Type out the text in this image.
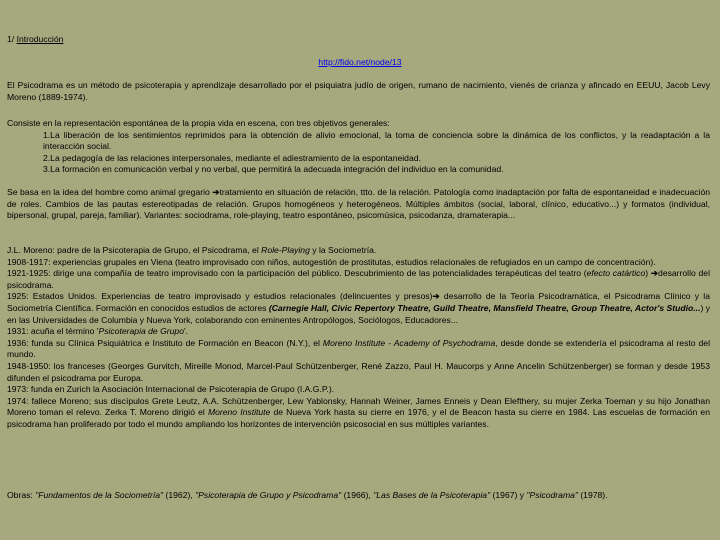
1/ Introducción
http://fido.net/node/13
El Psicodrama es un método de psicoterapia y aprendizaje desarrollado por el psiquiatra judío de origen, rumano de nacimiento, vienés de crianza y afincado en EEUU, Jacob Levy Moreno (1889-1974).
Consiste en la representación espontánea de la propia vida en escena, con tres objetivos generales:
1.La liberación de los sentimientos reprimidos para la obtención de alivio emocional, la toma de conciencia sobre la dinámica de los conflictos, y la readaptación a la interacción social.
2.La pedagogía de las relaciones interpersonales, mediante el adiestramiento de la espontaneidad.
3.La formación en comunicación verbal y no verbal, que permitirá la adecuada integración del individuo en la comunidad.
Se basa en la idea del hombre como animal gregario ➔tratamiento en situación de relación, ttto. de la relación. Patología como inadaptación por falta de espontaneidad e inadecuación de roles. Cambios de las pautas estereotipadas de relación. Grupos homogéneos y heterogéneos. Múltiples ámbitos (social, laboral, clínico, educativo...) y formatos (individual, bipersonal, grupal, pareja, familiar). Variantes: sociodrama, role-playing, teatro espontáneo, psicomúsica, psicodanza, dramaterapia...
J.L. Moreno: padre de la Psicoterapia de Grupo, el Psicodrama, el Role-Playing y la Sociometría.
1908-1917: experiencias grupales en Viena (teatro improvisado con niños, autogestión de prostitutas, estudios relacionales de refugiados en un campo de concentración).
1921-1925: dirige una compañía de teatro improvisado con la participación del público. Descubrimiento de las potencialidades terapéuticas del teatro (efecto catártico) ➔desarrollo del psicodrama.
1925: Estados Unidos. Experiencias de teatro improvisado y estudios relacionales (delincuentes y presos)➔ desarrollo de la Teoría Psicodramática, el Psicodrama Clínico y la Sociometría Científica. Formación en conocidos estudios de actores (Carnegie Hall, Civic Repertory Theatre, Guild Theatre, Mansfield Theatre, Group Theatre, Actor's Studio...) y en las Universidades de Columbia y Nueva York, colaborando con eminentes Antropólogos, Sociólogos, Educadores...
1931: acuña el término 'Psicoterapia de Grupo'.
1936: funda su Clínica Psiquiátrica e Instituto de Formación en Beacon (N.Y.), el Moreno Institute - Academy of Psychodrama, desde donde se extendería el psicodrama al resto del mundo.
1948-1950: los franceses (Georges Gurvitch, Mireille Monod, Marcel-Paul Schützenberger, René Zazzo, Paul H. Maucorps y Anne Ancelin Schützenberger) se forman y desde 1953 difunden el psicodrama por Europa.
1973: funda en Zurich la Asociación Internacional de Psicoterapia de Grupo (I.A.G.P.).
1974: fallece Moreno; sus discípulos Grete Leutz, A.A. Schützenberger, Lew Yablonsky, Hannah Weiner, James Enneis y Dean Elefthery, su mujer Zerka Toeman y su hijo Jonathan Moreno toman el relevo. Zerka T. Moreno dirigió el Moreno Institute de Nueva York hasta su cierre en 1976, y el de Beacon hasta su cierre en 1984. Las escuelas de formación en psicodrama han proliferado por todo el mundo ampliando los horizontes de intervención psicosocial en sus múltiples variantes.
Obras: "Fundamentos de la Sociometría" (1962), "Psicoterapia de Grupo y Psicodrama" (1966), "Las Bases de la Psicoterapia" (1967) y "Psicodrama" (1978).
